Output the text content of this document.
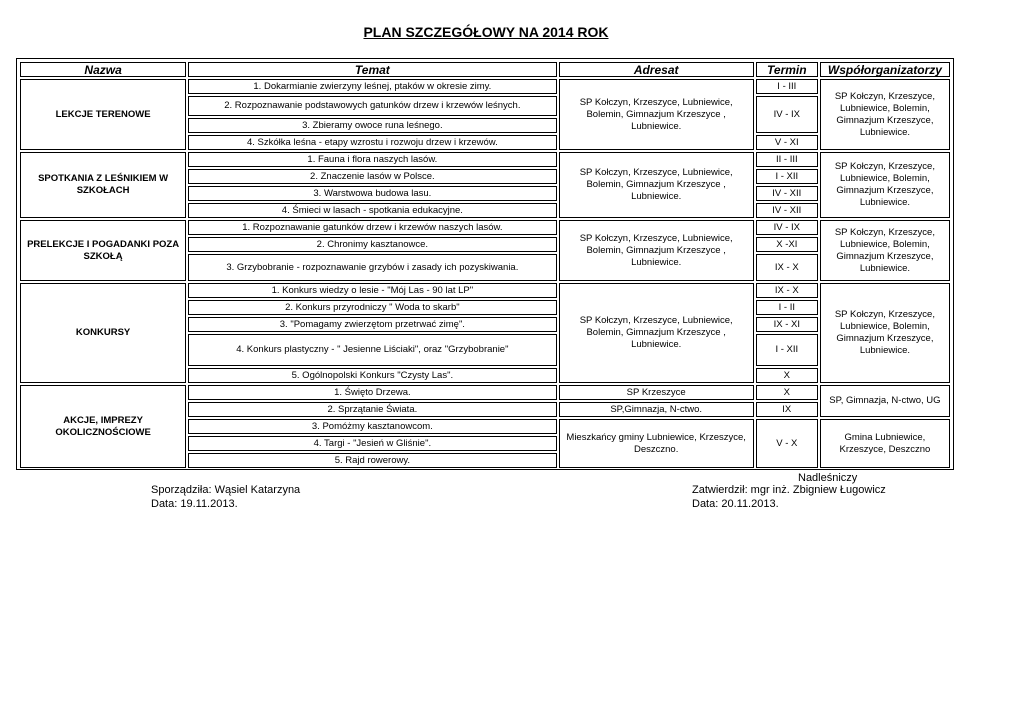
PLAN SZCZEGÓŁOWY NA 2014 ROK
Nazwa	Temat	Adresat	Termin	Współorganizatorzy
LEKCJE TERENOWE	1. Dokarmianie zwierzyny leśnej, ptaków w okresie zimy.	SP Kołczyn, Krzeszyce, Lubniewice, Bolemin, Gimnazjum Krzeszyce , Lubniewice.	I - III	SP Kołczyn, Krzeszyce, Lubniewice, Bolemin, Gimnazjum Krzeszyce, Lubniewice.
	2. Rozpoznawanie podstawowych gatunków drzew i krzewów leśnych.		IV - IX	
	3. Zbieramy owoce runa leśnego.			
	4. Szkółka leśna - etapy wzrostu i rozwoju drzew i krzewów.		V - XI	
SPOTKANIA Z LEŚNIKIEM W SZKOŁACH	1. Fauna i flora naszych lasów.	SP Kołczyn, Krzeszyce, Lubniewice, Bolemin, Gimnazjum Krzeszyce , Lubniewice.	II - III	SP Kołczyn, Krzeszyce, Lubniewice, Bolemin, Gimnazjum Krzeszyce, Lubniewice.
	2. Znaczenie lasów w Polsce.		I - XII	
	3. Warstwowa budowa lasu.		IV - XII	
	4. Śmieci w lasach - spotkania edukacyjne.		IV - XII	
PRELEKCJE I POGADANKI POZA SZKOŁĄ	1. Rozpoznawanie gatunków drzew i krzewów naszych lasów.	SP Kołczyn, Krzeszyce, Lubniewice, Bolemin, Gimnazjum Krzeszyce , Lubniewice.	IV - IX	SP Kołczyn, Krzeszyce, Lubniewice, Bolemin, Gimnazjum Krzeszyce, Lubniewice.
	2. Chronimy kasztanowce.		X -XI	
	3. Grzybobranie - rozpoznawanie grzybów i zasady ich pozyskiwania.		IX - X	
KONKURSY	1. Konkurs wiedzy o lesie - "Mój Las - 90 lat LP"	SP Kołczyn, Krzeszyce, Lubniewice, Bolemin, Gimnazjum Krzeszyce , Lubniewice.	IX - X	SP Kołczyn, Krzeszyce, Lubniewice, Bolemin, Gimnazjum Krzeszyce, Lubniewice.
	2. Konkurs przyrodniczy " Woda to skarb"		I - II	
	3. "Pomagamy zwierzętom przetrwać zimę".		IX - XI	
	4. Konkurs plastyczny - " Jesienne Liściaki", oraz "Grzybobranie"		I - XII	
	5. Ogólnopolski Konkurs "Czysty Las".		X	
AKCJE, IMPREZY OKOLICZNOŚCIOWE	1. Święto Drzewa.	SP Krzeszyce	X	SP, Gimnazja, N-ctwo, UG
	2. Sprzątanie Świata.	SP,Gimnazja, N-ctwo.	IX	
	3. Pomóżmy kasztanowcom.	Mieszkańcy gminy Lubniewice, Krzeszyce, Deszczno.	V - X	Gmina Lubniewice, Krzeszyce, Deszczno
	4. Targi - "Jesień w Gliśnie".			
	5. Rajd rowerowy.			
Nadleśniczy
Sporządziła: Wąsiel Katarzyna
Data: 19.11.2013.
Zatwierdził: mgr inż. Zbigniew Ługowicz
Data: 20.11.2013.
